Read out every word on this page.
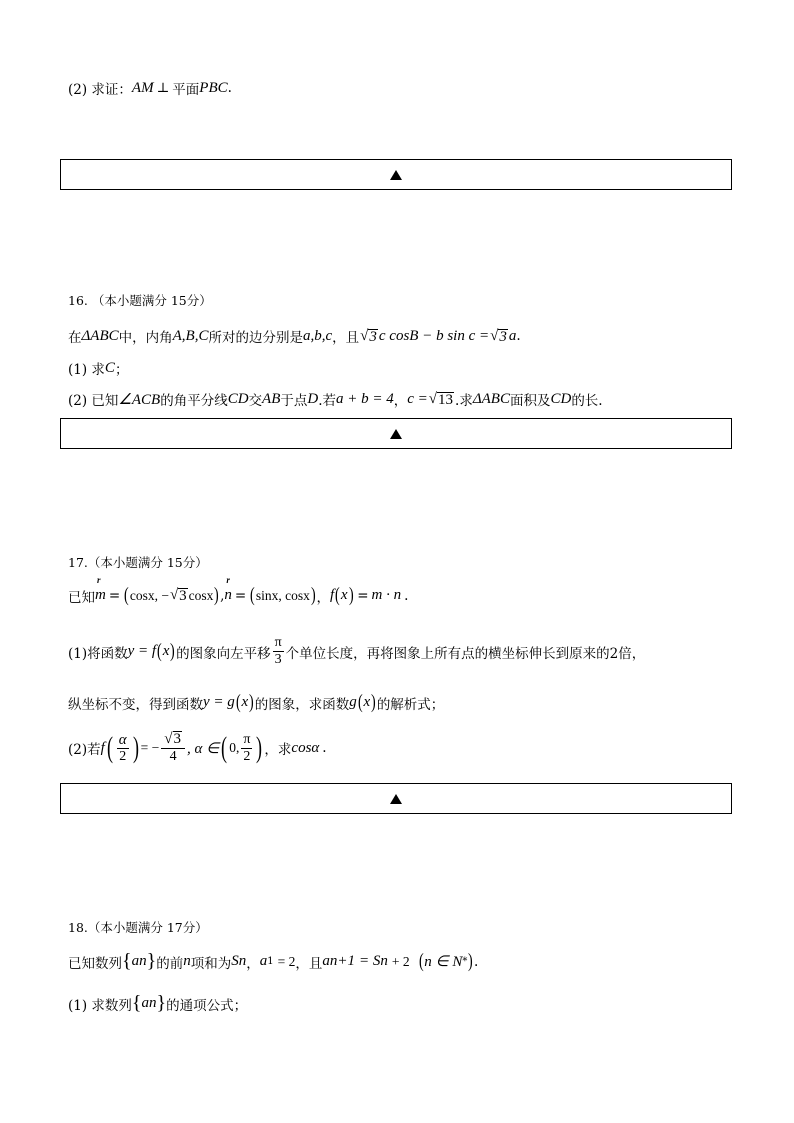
(2) 求证： AM ⊥ 平面 PBC .
16. （本小题满分 15分）
在 ΔABC 中，内角 A,B,C 所对的边分别是 a,b,c ，且 √ 3 c cosB − b sin c = √ 3 a .
(1) 求 C ；
(2) 已知 ∠ACB 的角平分线 CD 交 AB 于点 D .若 a + b = 4 ， c = √ 13 .求 ΔABC 面积及 CD 的长.
17.（本小题满分 15分）
已知
r
m = ( cosx, − √ 3 cosx ) ,
r
n = ( sinx, cosx ) ， f ( x ) = m · n .
(1)将函数 y = f ( x ) 的图象向左平移 $\frac{\pi}{3}$ 个单位长度，再将图象上所有点的横坐标伸长到原来的2倍，
纵坐标不变，得到函数 y = g ( x ) 的图象，求函数 g ( x ) 的解析式；
(2)若 f ( $\frac{\alpha}{2}$ ) = − $\frac{√ 3}{4}$ , α ∈ ( 0, $\frac{\pi}{2}$ ) ，求 cosα .
18.（本小题满分 17分）
已知数列 { a n } 的前 n 项和为 S n ， a 1 = 2 ，且 a n+1 = S n + 2 ( n ∈ N * ) .
(1) 求数列 { a n } 的通项公式；
